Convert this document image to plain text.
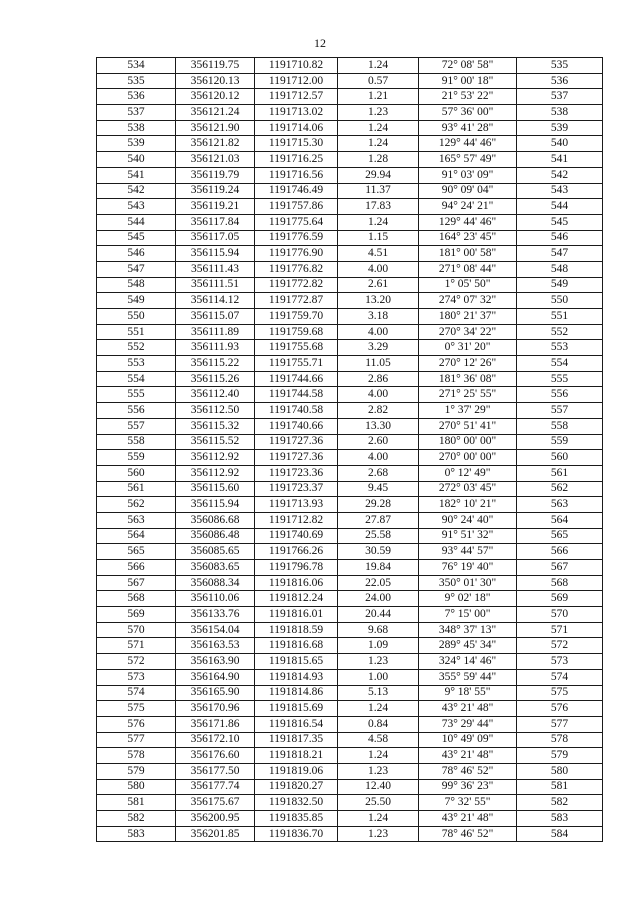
12
534	356119.75	1191710.82	1.24	72° 08' 58"	535
535	356120.13	1191712.00	0.57	91° 00' 18"	536
536	356120.12	1191712.57	1.21	21° 53' 22"	537
537	356121.24	1191713.02	1.23	57° 36' 00"	538
538	356121.90	1191714.06	1.24	93° 41' 28"	539
539	356121.82	1191715.30	1.24	129° 44' 46"	540
540	356121.03	1191716.25	1.28	165° 57' 49"	541
541	356119.79	1191716.56	29.94	91° 03' 09"	542
542	356119.24	1191746.49	11.37	90° 09' 04"	543
543	356119.21	1191757.86	17.83	94° 24' 21"	544
544	356117.84	1191775.64	1.24	129° 44' 46"	545
545	356117.05	1191776.59	1.15	164° 23' 45"	546
546	356115.94	1191776.90	4.51	181° 00' 58"	547
547	356111.43	1191776.82	4.00	271° 08' 44"	548
548	356111.51	1191772.82	2.61	1° 05' 50"	549
549	356114.12	1191772.87	13.20	274° 07' 32"	550
550	356115.07	1191759.70	3.18	180° 21' 37"	551
551	356111.89	1191759.68	4.00	270° 34' 22"	552
552	356111.93	1191755.68	3.29	0° 31' 20"	553
553	356115.22	1191755.71	11.05	270° 12' 26"	554
554	356115.26	1191744.66	2.86	181° 36' 08"	555
555	356112.40	1191744.58	4.00	271° 25' 55"	556
556	356112.50	1191740.58	2.82	1° 37' 29"	557
557	356115.32	1191740.66	13.30	270° 51' 41"	558
558	356115.52	1191727.36	2.60	180° 00' 00"	559
559	356112.92	1191727.36	4.00	270° 00' 00"	560
560	356112.92	1191723.36	2.68	0° 12' 49"	561
561	356115.60	1191723.37	9.45	272° 03' 45"	562
562	356115.94	1191713.93	29.28	182° 10' 21"	563
563	356086.68	1191712.82	27.87	90° 24' 40"	564
564	356086.48	1191740.69	25.58	91° 51' 32"	565
565	356085.65	1191766.26	30.59	93° 44' 57"	566
566	356083.65	1191796.78	19.84	76° 19' 40"	567
567	356088.34	1191816.06	22.05	350° 01' 30"	568
568	356110.06	1191812.24	24.00	9° 02' 18"	569
569	356133.76	1191816.01	20.44	7° 15' 00"	570
570	356154.04	1191818.59	9.68	348° 37' 13"	571
571	356163.53	1191816.68	1.09	289° 45' 34"	572
572	356163.90	1191815.65	1.23	324° 14' 46"	573
573	356164.90	1191814.93	1.00	355° 59' 44"	574
574	356165.90	1191814.86	5.13	9° 18' 55"	575
575	356170.96	1191815.69	1.24	43° 21' 48"	576
576	356171.86	1191816.54	0.84	73° 29' 44"	577
577	356172.10	1191817.35	4.58	10° 49' 09"	578
578	356176.60	1191818.21	1.24	43° 21' 48"	579
579	356177.50	1191819.06	1.23	78° 46' 52"	580
580	356177.74	1191820.27	12.40	99° 36' 23"	581
581	356175.67	1191832.50	25.50	7° 32' 55"	582
582	356200.95	1191835.85	1.24	43° 21' 48"	583
583	356201.85	1191836.70	1.23	78° 46' 52"	584
